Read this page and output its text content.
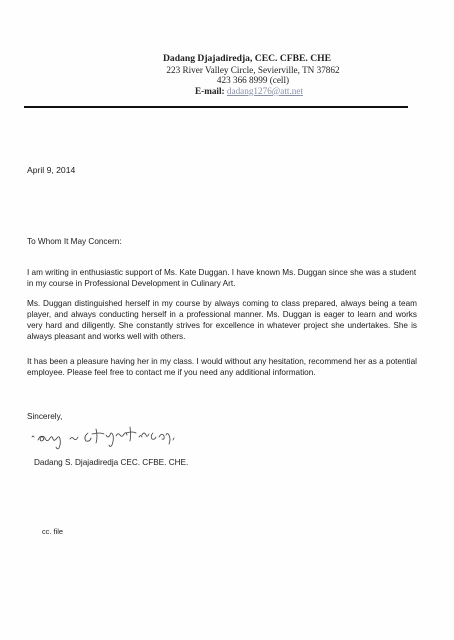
Dadang Djajadiredja, CEC. CFBE. CHE
223 River Valley Circle, Sevierville, TN 37862
423 366 8999 (cell)
E-mail: dadang1276@att.net
April 9, 2014
To Whom It May Concern:
I am writing in enthusiastic support of Ms. Kate Duggan. I have known Ms. Duggan since she was a student in my course in Professional Development in Culinary Art.
Ms. Duggan distinguished herself in my course by always coming to class prepared, always being a team player, and always conducting herself in a professional manner. Ms. Duggan is eager to learn and works very hard and diligently. She constantly strives for excellence in whatever project she undertakes. She is always pleasant and works well with others.
It has been a pleasure having her in my class. I would without any hesitation, recommend her as a potential employee. Please feel free to contact me if you need any additional information.
Sincerely,
Dadang S. Djajadiredja CEC. CFBE. CHE.
cc. file
